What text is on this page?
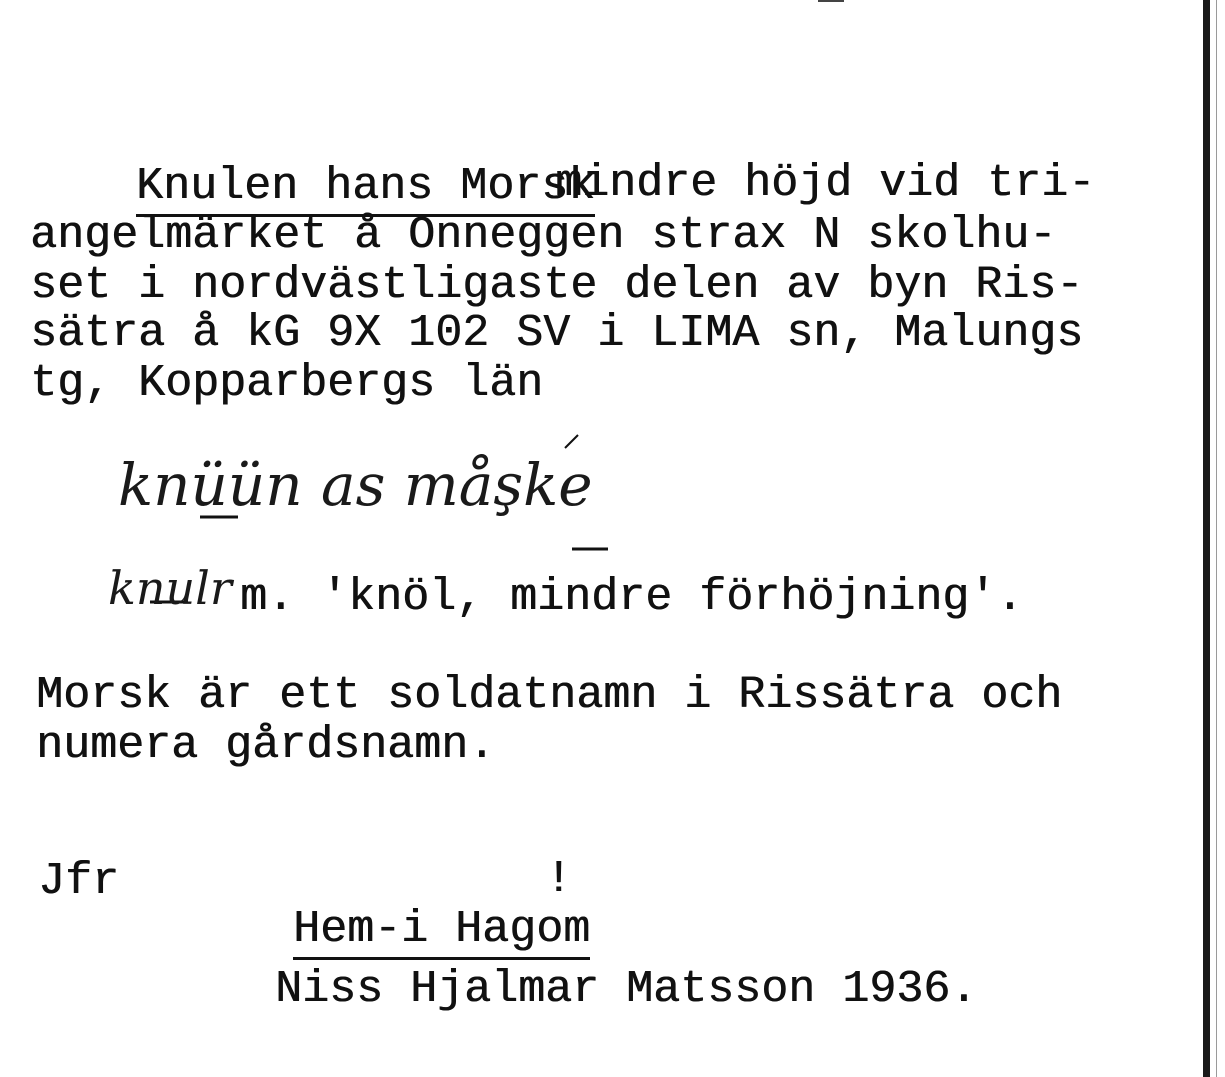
Knulen hans Morsk

mindre höjd vid tri-
angelmärket å Onneggen strax N skolhu-
set i nordvästligaste delen av byn Ris-
sätra å kG 9X 102 SV i LIMA sn, Malungs
tg, Kopparbergs län
knüün as måşke
knulr m. 'knöl, mindre förhöjning'.
Morsk är ett soldatnamn i Rissätra och
numera gårdsnamn.
Jfr

Hem-i Hagom

!
Niss Hjalmar Matsson 1936.
